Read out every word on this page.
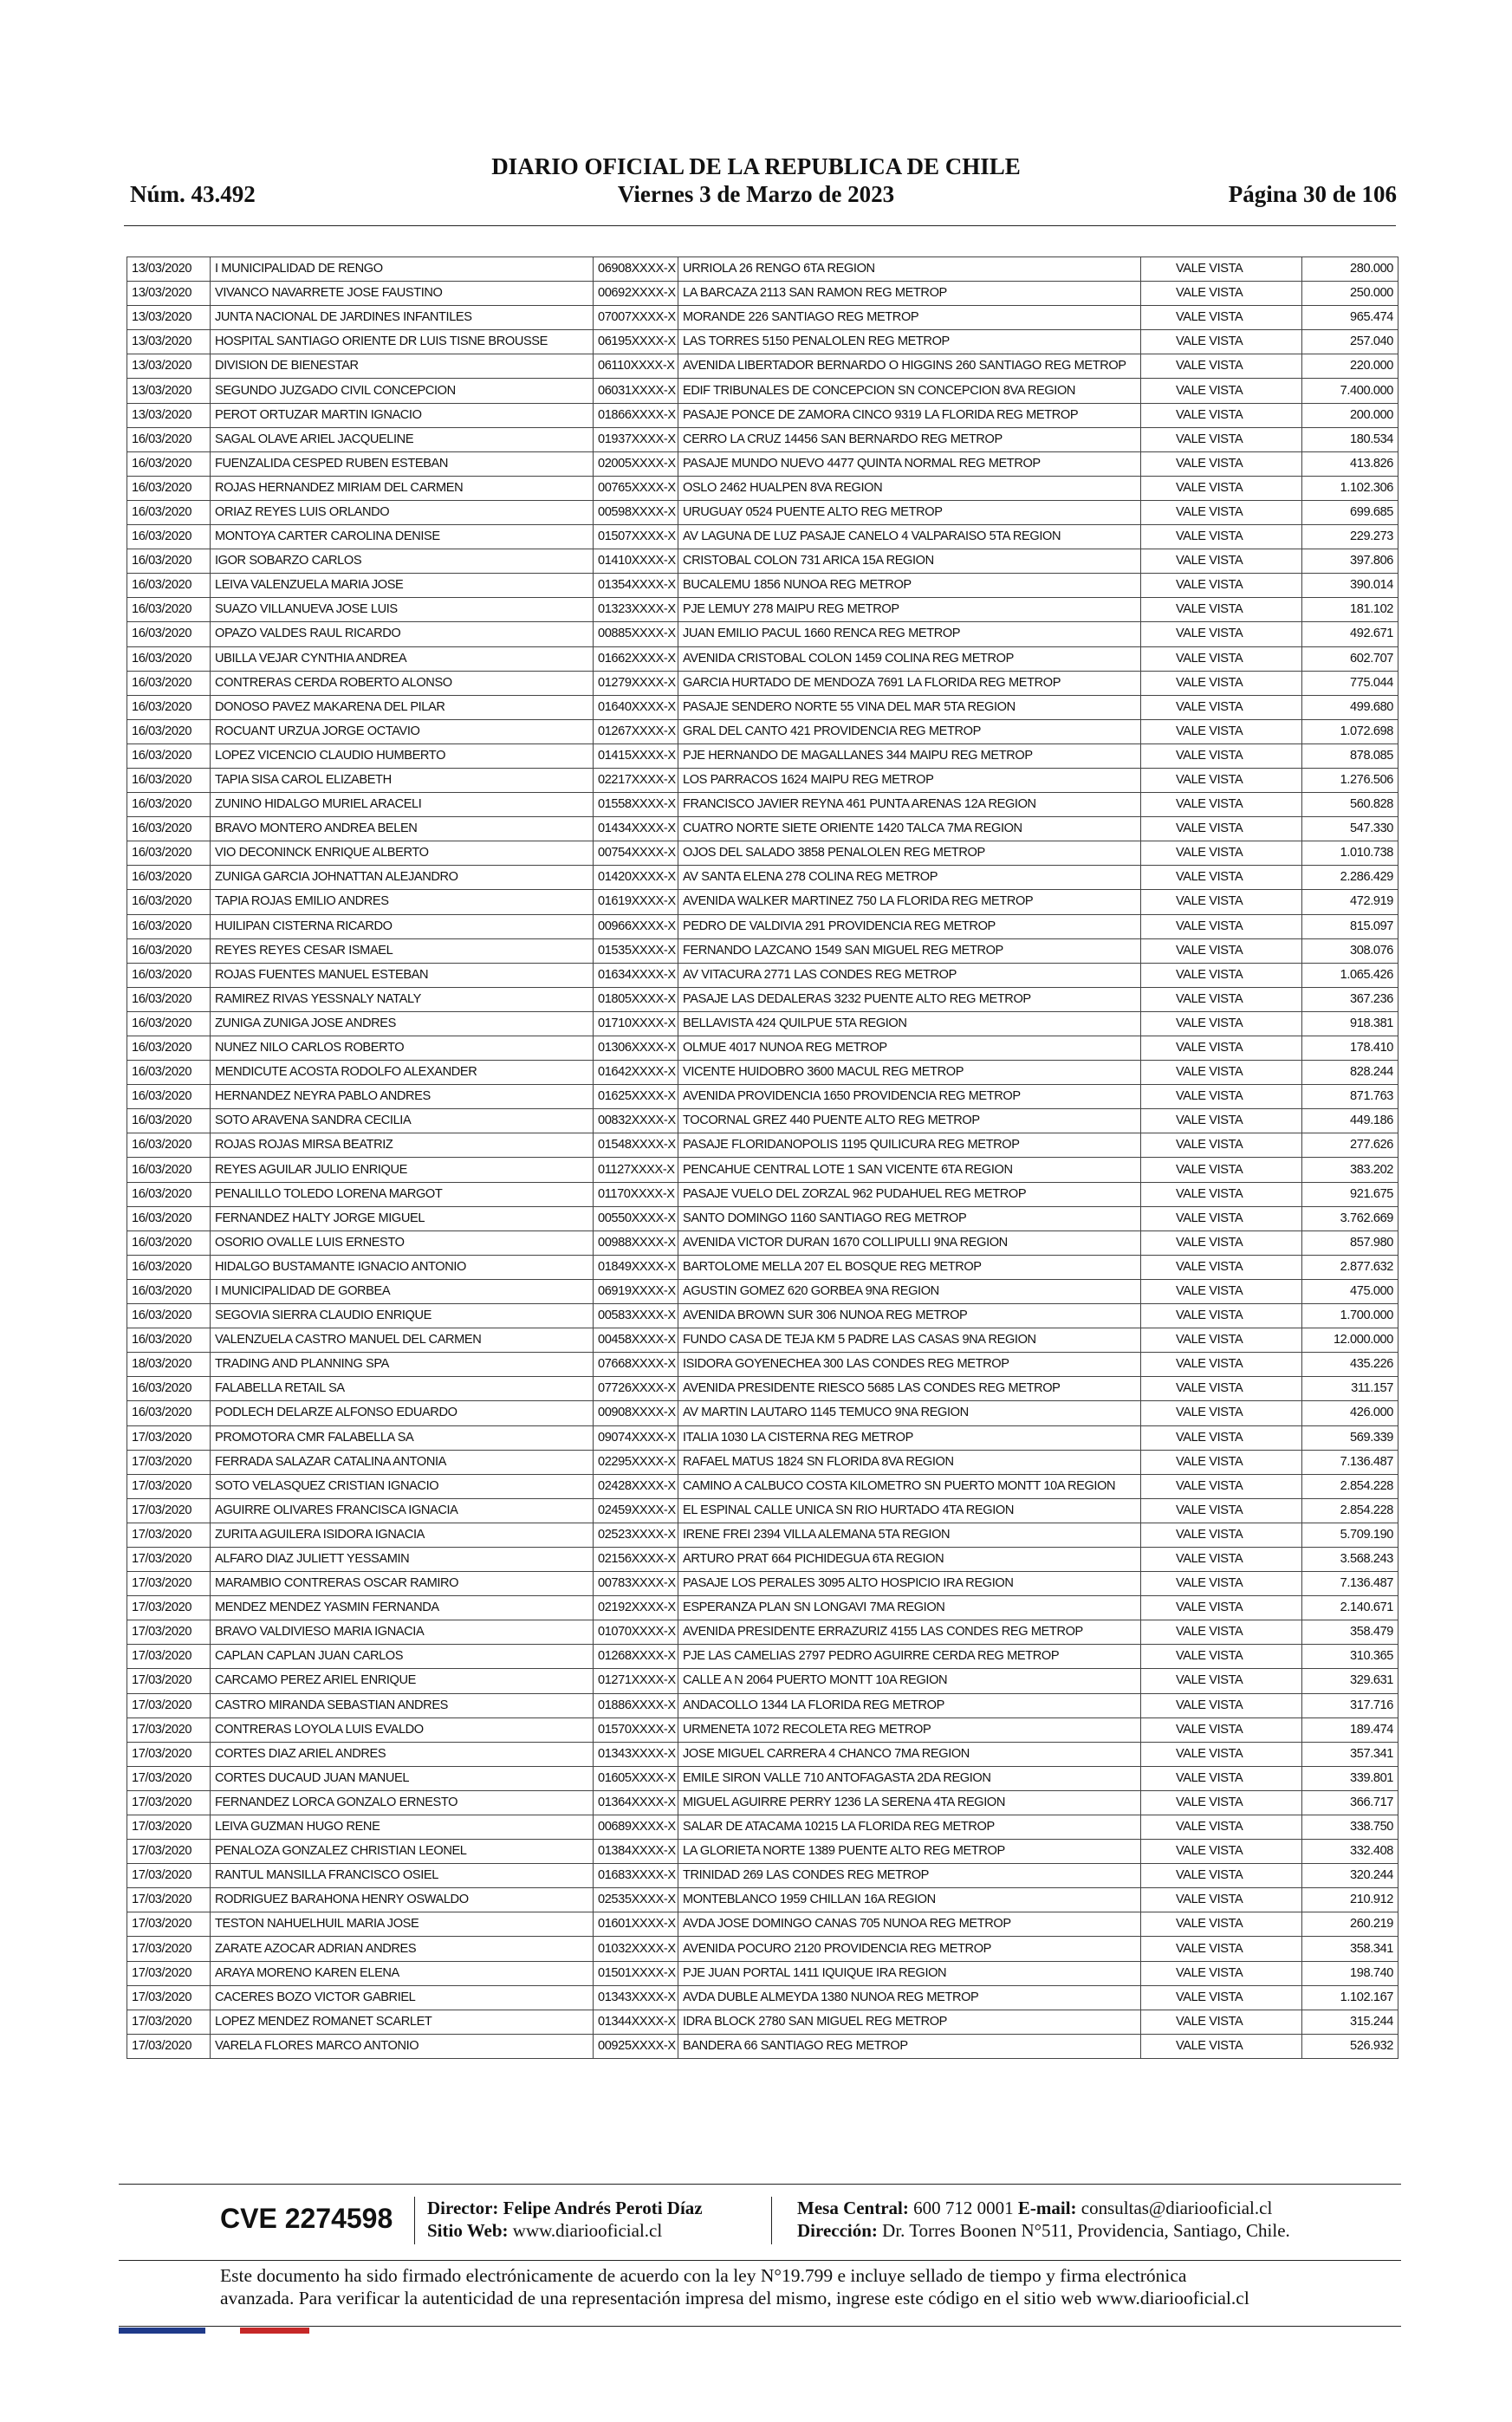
DIARIO OFICIAL DE LA REPUBLICA DE CHILE
Núm. 43.492	Viernes 3 de Marzo de 2023	Página 30 de 106
13/03/2020	I MUNICIPALIDAD DE RENGO	06908XXXX-X	URRIOLA 26 RENGO 6TA REGION	VALE VISTA	280.000
13/03/2020	VIVANCO NAVARRETE JOSE FAUSTINO	00692XXXX-X	LA BARCAZA 2113 SAN RAMON REG METROP	VALE VISTA	250.000
13/03/2020	JUNTA NACIONAL DE JARDINES INFANTILES	07007XXXX-X	MORANDE 226 SANTIAGO REG METROP	VALE VISTA	965.474
13/03/2020	HOSPITAL SANTIAGO ORIENTE DR LUIS TISNE BROUSSE	06195XXXX-X	LAS TORRES 5150 PENALOLEN REG METROP	VALE VISTA	257.040
13/03/2020	DIVISION DE BIENESTAR	06110XXXX-X	AVENIDA LIBERTADOR BERNARDO O HIGGINS 260 SANTIAGO REG METROP	VALE VISTA	220.000
13/03/2020	SEGUNDO JUZGADO CIVIL CONCEPCION	06031XXXX-X	EDIF TRIBUNALES DE CONCEPCION SN CONCEPCION 8VA REGION	VALE VISTA	7.400.000
13/03/2020	PEROT ORTUZAR MARTIN IGNACIO	01866XXXX-X	PASAJE PONCE DE ZAMORA CINCO 9319 LA FLORIDA REG METROP	VALE VISTA	200.000
16/03/2020	SAGAL OLAVE ARIEL JACQUELINE	01937XXXX-X	CERRO LA CRUZ 14456 SAN BERNARDO REG METROP	VALE VISTA	180.534
16/03/2020	FUENZALIDA CESPED RUBEN ESTEBAN	02005XXXX-X	PASAJE MUNDO NUEVO 4477 QUINTA NORMAL REG METROP	VALE VISTA	413.826
16/03/2020	ROJAS HERNANDEZ MIRIAM DEL CARMEN	00765XXXX-X	OSLO 2462 HUALPEN 8VA REGION	VALE VISTA	1.102.306
16/03/2020	ORIAZ REYES LUIS ORLANDO	00598XXXX-X	URUGUAY 0524 PUENTE ALTO REG METROP	VALE VISTA	699.685
16/03/2020	MONTOYA CARTER CAROLINA DENISE	01507XXXX-X	AV LAGUNA DE LUZ PASAJE CANELO 4 VALPARAISO 5TA REGION	VALE VISTA	229.273
16/03/2020	IGOR SOBARZO CARLOS	01410XXXX-X	CRISTOBAL COLON 731 ARICA 15A REGION	VALE VISTA	397.806
16/03/2020	LEIVA VALENZUELA MARIA JOSE	01354XXXX-X	BUCALEMU 1856 NUNOA REG METROP	VALE VISTA	390.014
16/03/2020	SUAZO VILLANUEVA JOSE LUIS	01323XXXX-X	PJE LEMUY 278 MAIPU REG METROP	VALE VISTA	181.102
16/03/2020	OPAZO VALDES RAUL RICARDO	00885XXXX-X	JUAN EMILIO PACUL 1660 RENCA REG METROP	VALE VISTA	492.671
16/03/2020	UBILLA VEJAR CYNTHIA ANDREA	01662XXXX-X	AVENIDA CRISTOBAL COLON 1459 COLINA REG METROP	VALE VISTA	602.707
16/03/2020	CONTRERAS CERDA ROBERTO ALONSO	01279XXXX-X	GARCIA HURTADO DE MENDOZA 7691 LA FLORIDA REG METROP	VALE VISTA	775.044
16/03/2020	DONOSO PAVEZ MAKARENA DEL PILAR	01640XXXX-X	PASAJE SENDERO NORTE 55 VINA DEL MAR 5TA REGION	VALE VISTA	499.680
16/03/2020	ROCUANT URZUA JORGE OCTAVIO	01267XXXX-X	GRAL DEL CANTO 421 PROVIDENCIA REG METROP	VALE VISTA	1.072.698
16/03/2020	LOPEZ VICENCIO CLAUDIO HUMBERTO	01415XXXX-X	PJE HERNANDO DE MAGALLANES 344 MAIPU REG METROP	VALE VISTA	878.085
16/03/2020	TAPIA SISA CAROL ELIZABETH	02217XXXX-X	LOS PARRACOS 1624 MAIPU REG METROP	VALE VISTA	1.276.506
16/03/2020	ZUNINO HIDALGO MURIEL ARACELI	01558XXXX-X	FRANCISCO JAVIER REYNA 461 PUNTA ARENAS 12A REGION	VALE VISTA	560.828
16/03/2020	BRAVO MONTERO ANDREA BELEN	01434XXXX-X	CUATRO NORTE SIETE ORIENTE 1420 TALCA 7MA REGION	VALE VISTA	547.330
16/03/2020	VIO DECONINCK ENRIQUE ALBERTO	00754XXXX-X	OJOS DEL SALADO 3858 PENALOLEN REG METROP	VALE VISTA	1.010.738
16/03/2020	ZUNIGA GARCIA JOHNATTAN ALEJANDRO	01420XXXX-X	AV SANTA ELENA 278 COLINA REG METROP	VALE VISTA	2.286.429
16/03/2020	TAPIA ROJAS EMILIO ANDRES	01619XXXX-X	AVENIDA WALKER MARTINEZ 750 LA FLORIDA REG METROP	VALE VISTA	472.919
16/03/2020	HUILIPAN CISTERNA RICARDO	00966XXXX-X	PEDRO DE VALDIVIA 291 PROVIDENCIA REG METROP	VALE VISTA	815.097
16/03/2020	REYES REYES CESAR ISMAEL	01535XXXX-X	FERNANDO LAZCANO 1549 SAN MIGUEL REG METROP	VALE VISTA	308.076
16/03/2020	ROJAS FUENTES MANUEL ESTEBAN	01634XXXX-X	AV VITACURA 2771 LAS CONDES REG METROP	VALE VISTA	1.065.426
16/03/2020	RAMIREZ RIVAS YESSNALY NATALY	01805XXXX-X	PASAJE LAS DEDALERAS 3232 PUENTE ALTO REG METROP	VALE VISTA	367.236
16/03/2020	ZUNIGA ZUNIGA JOSE ANDRES	01710XXXX-X	BELLAVISTA 424 QUILPUE 5TA REGION	VALE VISTA	918.381
16/03/2020	NUNEZ NILO CARLOS ROBERTO	01306XXXX-X	OLMUE 4017 NUNOA REG METROP	VALE VISTA	178.410
16/03/2020	MENDICUTE ACOSTA RODOLFO ALEXANDER	01642XXXX-X	VICENTE HUIDOBRO 3600 MACUL REG METROP	VALE VISTA	828.244
16/03/2020	HERNANDEZ NEYRA PABLO ANDRES	01625XXXX-X	AVENIDA PROVIDENCIA 1650 PROVIDENCIA REG METROP	VALE VISTA	871.763
16/03/2020	SOTO ARAVENA SANDRA CECILIA	00832XXXX-X	TOCORNAL GREZ 440 PUENTE ALTO REG METROP	VALE VISTA	449.186
16/03/2020	ROJAS ROJAS MIRSA BEATRIZ	01548XXXX-X	PASAJE FLORIDANOPOLIS 1195 QUILICURA REG METROP	VALE VISTA	277.626
16/03/2020	REYES AGUILAR JULIO ENRIQUE	01127XXXX-X	PENCAHUE CENTRAL LOTE 1 SAN VICENTE 6TA REGION	VALE VISTA	383.202
16/03/2020	PENALILLO TOLEDO LORENA MARGOT	01170XXXX-X	PASAJE VUELO DEL ZORZAL 962 PUDAHUEL REG METROP	VALE VISTA	921.675
16/03/2020	FERNANDEZ HALTY JORGE MIGUEL	00550XXXX-X	SANTO DOMINGO 1160 SANTIAGO REG METROP	VALE VISTA	3.762.669
16/03/2020	OSORIO OVALLE LUIS ERNESTO	00988XXXX-X	AVENIDA VICTOR DURAN 1670 COLLIPULLI 9NA REGION	VALE VISTA	857.980
16/03/2020	HIDALGO BUSTAMANTE IGNACIO ANTONIO	01849XXXX-X	BARTOLOME MELLA 207 EL BOSQUE REG METROP	VALE VISTA	2.877.632
16/03/2020	I MUNICIPALIDAD DE GORBEA	06919XXXX-X	AGUSTIN GOMEZ 620 GORBEA 9NA REGION	VALE VISTA	475.000
16/03/2020	SEGOVIA SIERRA CLAUDIO ENRIQUE	00583XXXX-X	AVENIDA BROWN SUR 306 NUNOA REG METROP	VALE VISTA	1.700.000
16/03/2020	VALENZUELA CASTRO MANUEL DEL CARMEN	00458XXXX-X	FUNDO CASA DE TEJA KM 5 PADRE LAS CASAS 9NA REGION	VALE VISTA	12.000.000
18/03/2020	TRADING AND PLANNING SPA	07668XXXX-X	ISIDORA GOYENECHEA 300 LAS CONDES REG METROP	VALE VISTA	435.226
16/03/2020	FALABELLA RETAIL SA	07726XXXX-X	AVENIDA PRESIDENTE RIESCO 5685 LAS CONDES REG METROP	VALE VISTA	311.157
16/03/2020	PODLECH DELARZE ALFONSO EDUARDO	00908XXXX-X	AV MARTIN LAUTARO 1145 TEMUCO 9NA REGION	VALE VISTA	426.000
17/03/2020	PROMOTORA CMR FALABELLA SA	09074XXXX-X	ITALIA 1030 LA CISTERNA REG METROP	VALE VISTA	569.339
17/03/2020	FERRADA SALAZAR CATALINA ANTONIA	02295XXXX-X	RAFAEL MATUS 1824 SN FLORIDA 8VA REGION	VALE VISTA	7.136.487
17/03/2020	SOTO VELASQUEZ CRISTIAN IGNACIO	02428XXXX-X	CAMINO A CALBUCO COSTA KILOMETRO SN PUERTO MONTT 10A REGION	VALE VISTA	2.854.228
17/03/2020	AGUIRRE OLIVARES FRANCISCA IGNACIA	02459XXXX-X	EL ESPINAL CALLE UNICA SN RIO HURTADO 4TA REGION	VALE VISTA	2.854.228
17/03/2020	ZURITA AGUILERA ISIDORA IGNACIA	02523XXXX-X	IRENE FREI 2394 VILLA ALEMANA 5TA REGION	VALE VISTA	5.709.190
17/03/2020	ALFARO DIAZ JULIETT YESSAMIN	02156XXXX-X	ARTURO PRAT 664 PICHIDEGUA 6TA REGION	VALE VISTA	3.568.243
17/03/2020	MARAMBIO CONTRERAS OSCAR RAMIRO	00783XXXX-X	PASAJE LOS PERALES 3095 ALTO HOSPICIO IRA REGION	VALE VISTA	7.136.487
17/03/2020	MENDEZ MENDEZ YASMIN FERNANDA	02192XXXX-X	ESPERANZA PLAN SN LONGAVI 7MA REGION	VALE VISTA	2.140.671
17/03/2020	BRAVO VALDIVIESO MARIA IGNACIA	01070XXXX-X	AVENIDA PRESIDENTE ERRAZURIZ 4155 LAS CONDES REG METROP	VALE VISTA	358.479
17/03/2020	CAPLAN CAPLAN JUAN CARLOS	01268XXXX-X	PJE LAS CAMELIAS 2797 PEDRO AGUIRRE CERDA REG METROP	VALE VISTA	310.365
17/03/2020	CARCAMO PEREZ ARIEL ENRIQUE	01271XXXX-X	CALLE A N 2064 PUERTO MONTT 10A REGION	VALE VISTA	329.631
17/03/2020	CASTRO MIRANDA SEBASTIAN ANDRES	01886XXXX-X	ANDACOLLO 1344 LA FLORIDA REG METROP	VALE VISTA	317.716
17/03/2020	CONTRERAS LOYOLA LUIS EVALDO	01570XXXX-X	URMENETA 1072 RECOLETA REG METROP	VALE VISTA	189.474
17/03/2020	CORTES DIAZ ARIEL ANDRES	01343XXXX-X	JOSE MIGUEL CARRERA 4 CHANCO 7MA REGION	VALE VISTA	357.341
17/03/2020	CORTES DUCAUD JUAN MANUEL	01605XXXX-X	EMILE SIRON VALLE 710 ANTOFAGASTA 2DA REGION	VALE VISTA	339.801
17/03/2020	FERNANDEZ LORCA GONZALO ERNESTO	01364XXXX-X	MIGUEL AGUIRRE PERRY 1236 LA SERENA 4TA REGION	VALE VISTA	366.717
17/03/2020	LEIVA GUZMAN HUGO RENE	00689XXXX-X	SALAR DE ATACAMA 10215 LA FLORIDA REG METROP	VALE VISTA	338.750
17/03/2020	PENALOZA GONZALEZ CHRISTIAN LEONEL	01384XXXX-X	LA GLORIETA NORTE 1389 PUENTE ALTO REG METROP	VALE VISTA	332.408
17/03/2020	RANTUL MANSILLA FRANCISCO OSIEL	01683XXXX-X	TRINIDAD 269 LAS CONDES REG METROP	VALE VISTA	320.244
17/03/2020	RODRIGUEZ BARAHONA HENRY OSWALDO	02535XXXX-X	MONTEBLANCO 1959 CHILLAN 16A REGION	VALE VISTA	210.912
17/03/2020	TESTON NAHUELHUIL MARIA JOSE	01601XXXX-X	AVDA JOSE DOMINGO CANAS 705 NUNOA REG METROP	VALE VISTA	260.219
17/03/2020	ZARATE AZOCAR ADRIAN ANDRES	01032XXXX-X	AVENIDA POCURO 2120 PROVIDENCIA REG METROP	VALE VISTA	358.341
17/03/2020	ARAYA MORENO KAREN ELENA	01501XXXX-X	PJE JUAN PORTAL 1411 IQUIQUE IRA REGION	VALE VISTA	198.740
17/03/2020	CACERES BOZO VICTOR GABRIEL	01343XXXX-X	AVDA DUBLE ALMEYDA 1380 NUNOA REG METROP	VALE VISTA	1.102.167
17/03/2020	LOPEZ MENDEZ ROMANET SCARLET	01344XXXX-X	IDRA BLOCK 2780 SAN MIGUEL REG METROP	VALE VISTA	315.244
17/03/2020	VARELA FLORES MARCO ANTONIO	00925XXXX-X	BANDERA 66 SANTIAGO REG METROP	VALE VISTA	526.932
CVE 2274598 Director: Felipe Andrés Peroti Díaz
Sitio Web: www.diariooficial.cl
Mesa Central: 600 712 0001 E-mail: consultas@diariooficial.cl
Dirección: Dr. Torres Boonen N°511, Providencia, Santiago, Chile.
Este documento ha sido firmado electrónicamente de acuerdo con la ley N°19.799 e incluye sellado de tiempo y firma electrónica
avanzada. Para verificar la autenticidad de una representación impresa del mismo, ingrese este código en el sitio web www.diariooficial.cl
